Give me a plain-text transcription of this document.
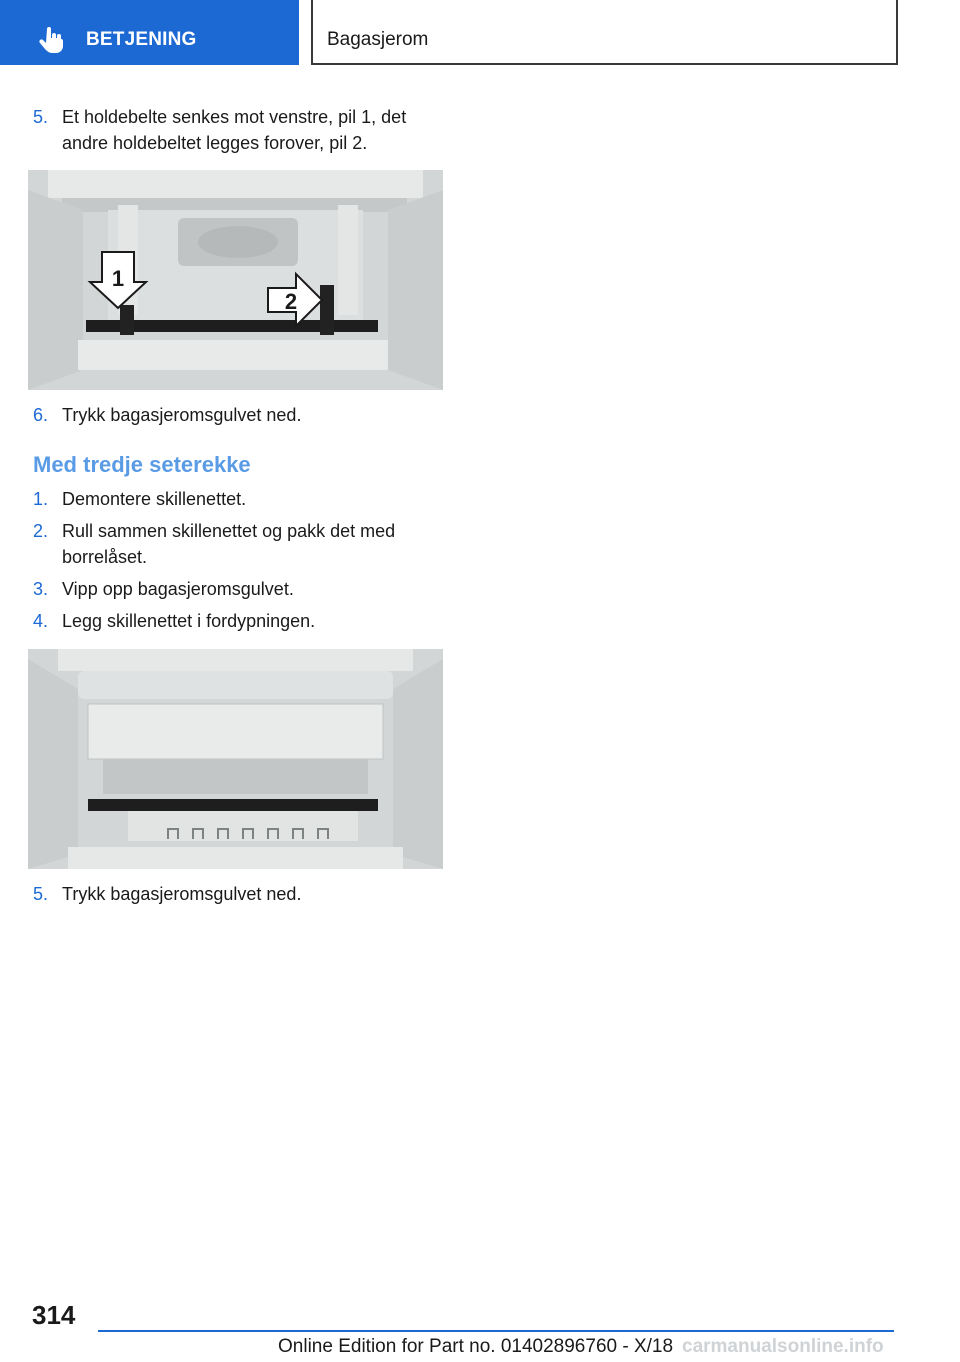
BETJENING	Bagasjerom
5. Et holdebelte senkes mot venstre, pil 1, det andre holdebeltet legges forover, pil 2.
1
2
6. Trykk bagasjeromsgulvet ned.
Med tredje seterekke
1. Demontere skillenettet.
2. Rull sammen skillenettet og pakk det med borrelåset.
3. Vipp opp bagasjeromsgulvet.
4. Legg skillenettet i fordypningen.
5. Trykk bagasjeromsgulvet ned.
314
Online Edition for Part no. 01402896760 - X/18 carmanualsonline.info
